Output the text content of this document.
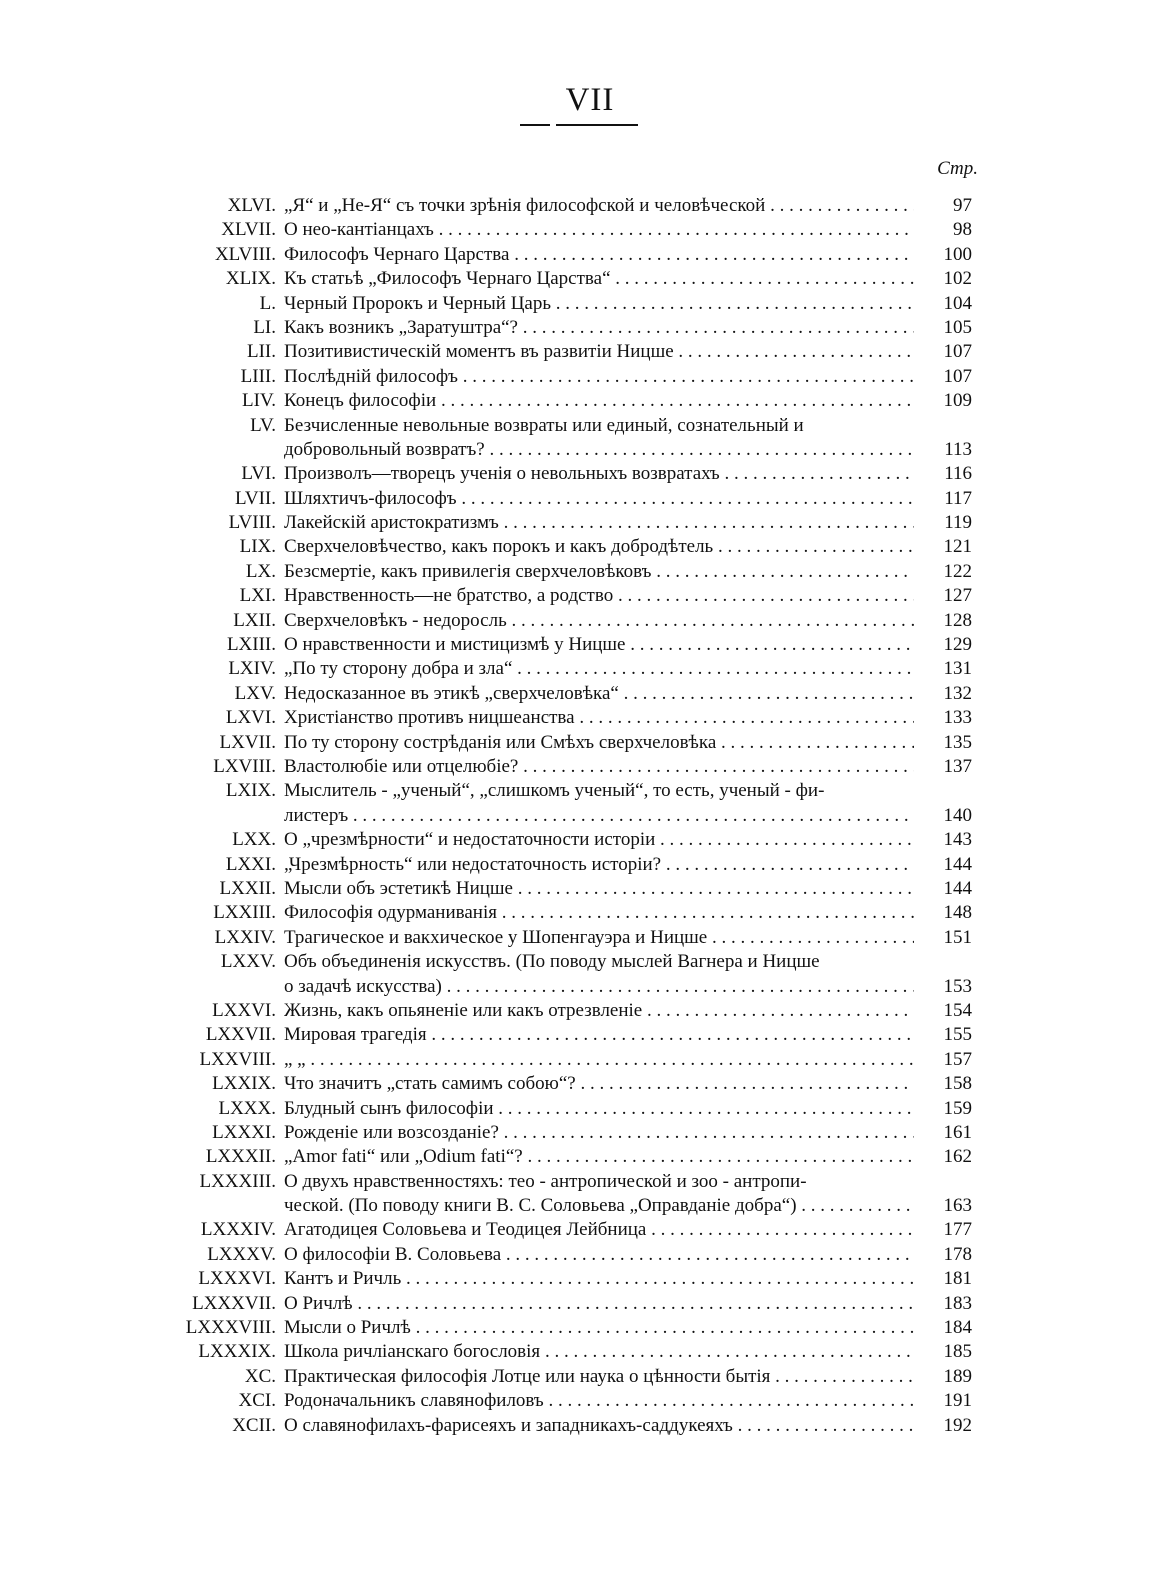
VII
Стр.
XLVI. „Я“ и „Не-Я“ съ точки зрѣнія философской и человѣческой . . .	97
XLVII. О нео-кантіанцахъ . . .	98
XLVIII. Философъ Чернаго Царства . . .	100
XLIX. Къ статьѣ „Философъ Чернаго Царства“ . . .	102
L. Черный Пророкъ и Черный Царь . . .	104
LI. Какъ возникъ „Заратуштра“? . . .	105
LII. Позитивистическій моментъ въ развитіи Ницше . . .	107
LIII. Послѣдній философъ . . .	107
LIV. Конецъ философіи . . .	109
LV. Безчисленные невольные возвраты или единый, сознательный и
добровольный возвратъ? . . .	113
LVI. Произволъ—творецъ ученія о невольныхъ возвратахъ . . .	116
LVII. Шляхтичъ-философъ . . .	117
LVIII. Лакейскій аристократизмъ . . .	119
LIX. Сверхчеловѣчество, какъ порокъ и какъ добродѣтель . . .	121
LX. Безсмертіе, какъ привилегія сверхчеловѣковъ . . .	122
LXI. Нравственность—не братство, а родство . . .	127
LXII. Сверхчеловѣкъ - недоросль . . .	128
LXIII. О нравственности и мистицизмѣ у Ницше . . .	129
LXIV. „По ту сторону добра и зла“ . . .	131
LXV. Недосказанное въ этикѣ „сверхчеловѣка“ . . .	132
LXVI. Христіанство противъ ницшеанства . . .	133
LXVII. По ту сторону сострѣданія или Смѣхъ сверхчеловѣка . . .	135
LXVIII. Властолюбіе или отцелюбіе? . . .	137
LXIX. Мыслитель - „ученый“, „слишкомъ ученый“, то есть, ученый - фи-
листеръ . . .	140
LXX. О „чрезмѣрности“ и недостаточности исторіи . . .	143
LXXI. „Чрезмѣрность“ или недостаточность исторіи? . . .	144
LXXII. Мысли объ эстетикѣ Ницше . . .	144
LXXIII. Философія одурманиванія . . .	148
LXXIV. Трагическое и вакхическое у Шопенгауэра и Ницше . . .	151
LXXV. Объ объединенія искусствъ. (По поводу мыслей Вагнера и Ницше
о задачѣ искусства) . . .	153
LXXVI. Жизнь, какъ опьяненіе или какъ отрезвленіе . . .	154
LXXVII. Мировая трагедія . . .	155
LXXVIII. „ „ . . .	157
LXXIX. Что значитъ „стать самимъ собою“? . . .	158
LXXX. Блудный сынъ философіи . . .	159
LXXXI. Рожденіе или возсозданіе? . . .	161
LXXXII. „Amor fati“ или „Odium fati“? . . .	162
LXXXIII. О двухъ нравственностяхъ: тео - антропической и зоо - антропи-
ческой. (По поводу книги В. С. Соловьева „Оправданіе добра“) . . .	163
LXXXIV. Агатодицея Соловьева и Теодицея Лейбница . . .	177
LXXXV. О философіи В. Соловьева . . .	178
LXXXVI. Кантъ и Ричль . . .	181
LXXXVII. О Ричлѣ . . .	183
LXXXVIII. Мысли о Ричлѣ . . .	184
LXXXIX. Школа ричліанскаго богословія . . .	185
XC. Практическая философія Лотце или наука о цѣнности бытія . . .	189
XCI. Родоначальникъ славянофиловъ . . .	191
XCII. О славянофилахъ-фарисеяхъ и западникахъ-саддукеяхъ . . .	192
